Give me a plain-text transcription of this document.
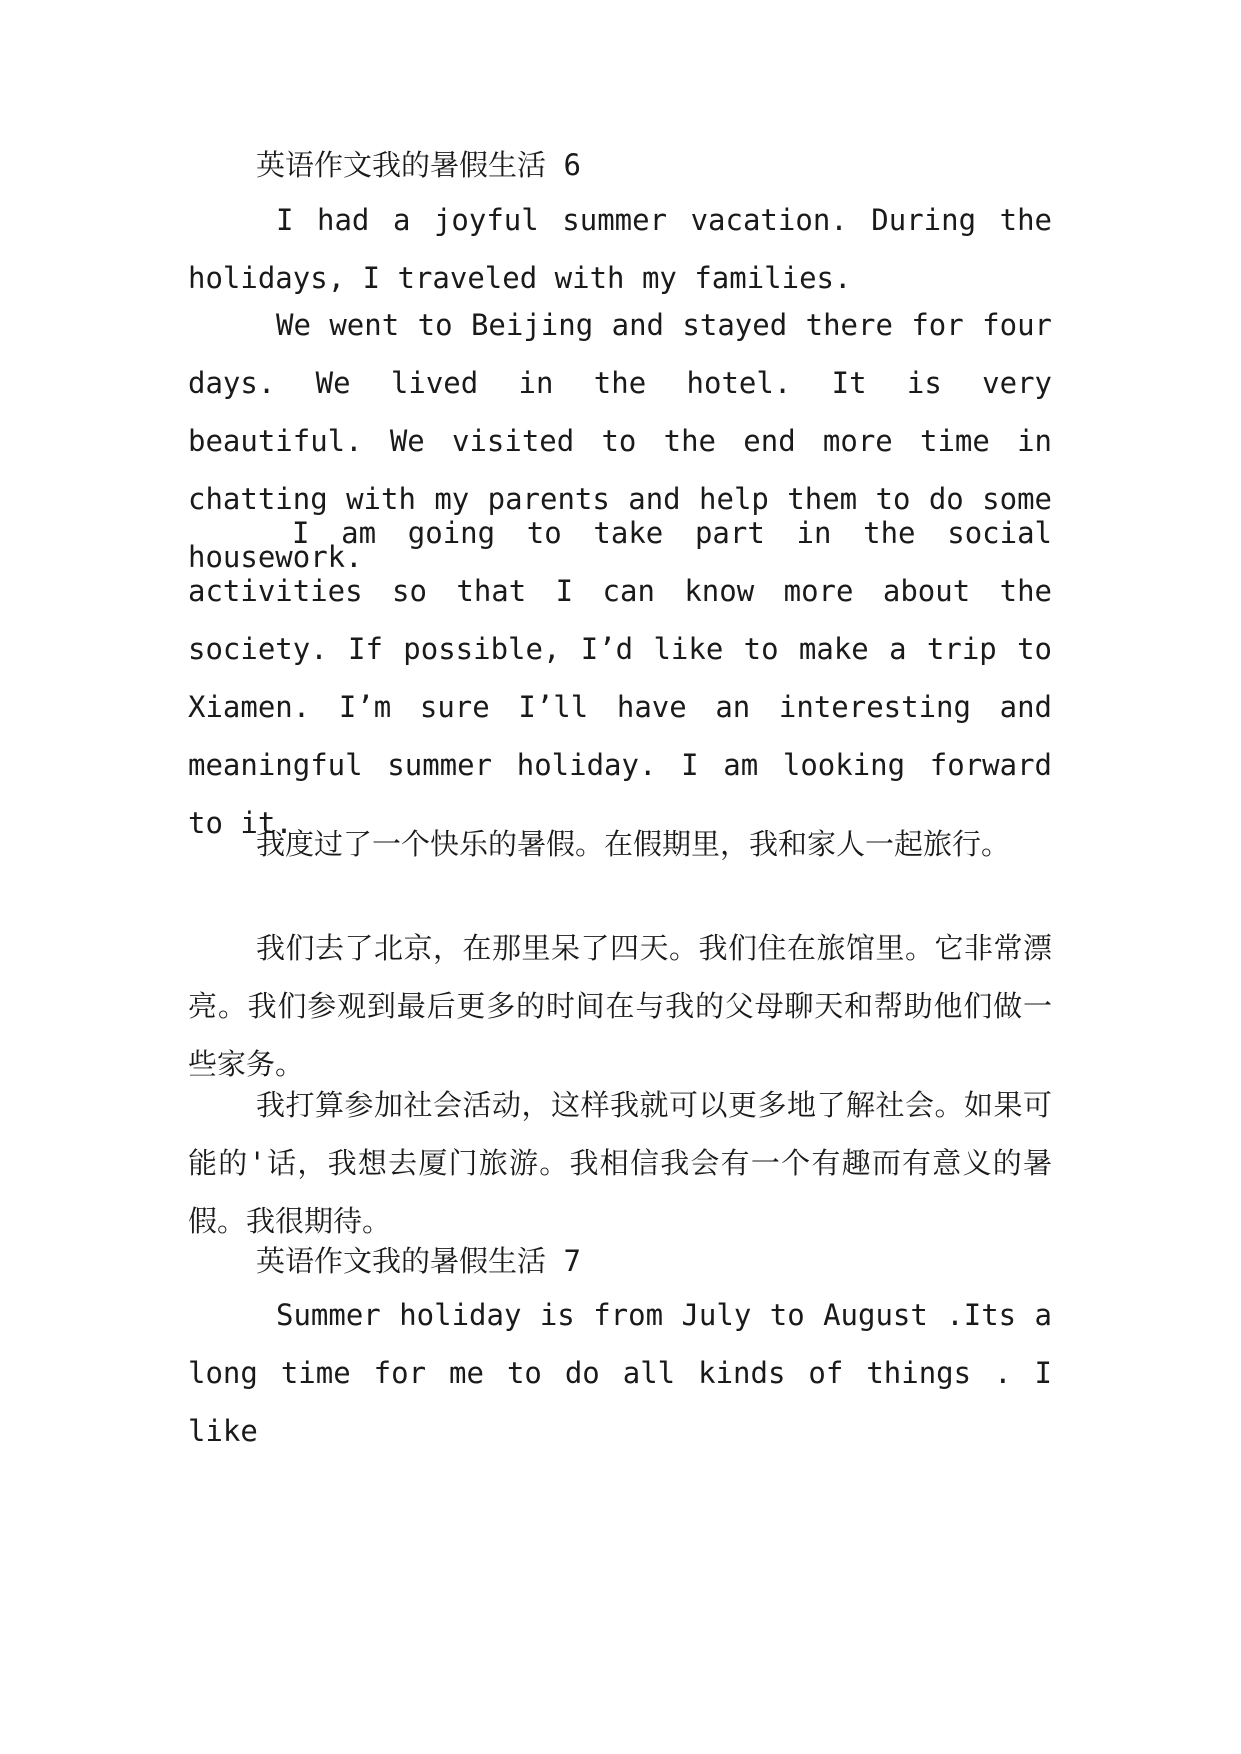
英语作文我的暑假生活 6

I had a joyful summer vacation. During the holidays, I traveled with my families.

We went to Beijing and stayed there for four days. We lived in the hotel. It is very beautiful. We visited to the end more time in chatting with my parents and help them to do some housework.

I am going to take part in the social activities so that I can know more about the society. If possible, I’d like to make a trip to Xiamen. I’m sure I’ll have an interesting and meaningful summer holiday. I am looking forward to it.

我度过了一个快乐的暑假。在假期里，我和家人一起旅行。

我们去了北京，在那里呆了四天。我们住在旅馆里。它非常漂亮。我们参观到最后更多的时间在与我的父母聊天和帮助他们做一些家务。

我打算参加社会活动，这样我就可以更多地了解社会。如果可能的'话，我想去厦门旅游。我相信我会有一个有趣而有意义的暑假。我很期待。

英语作文我的暑假生活 7

Summer holiday is from July to August .Its a long time for me to do all kinds of things . I like
